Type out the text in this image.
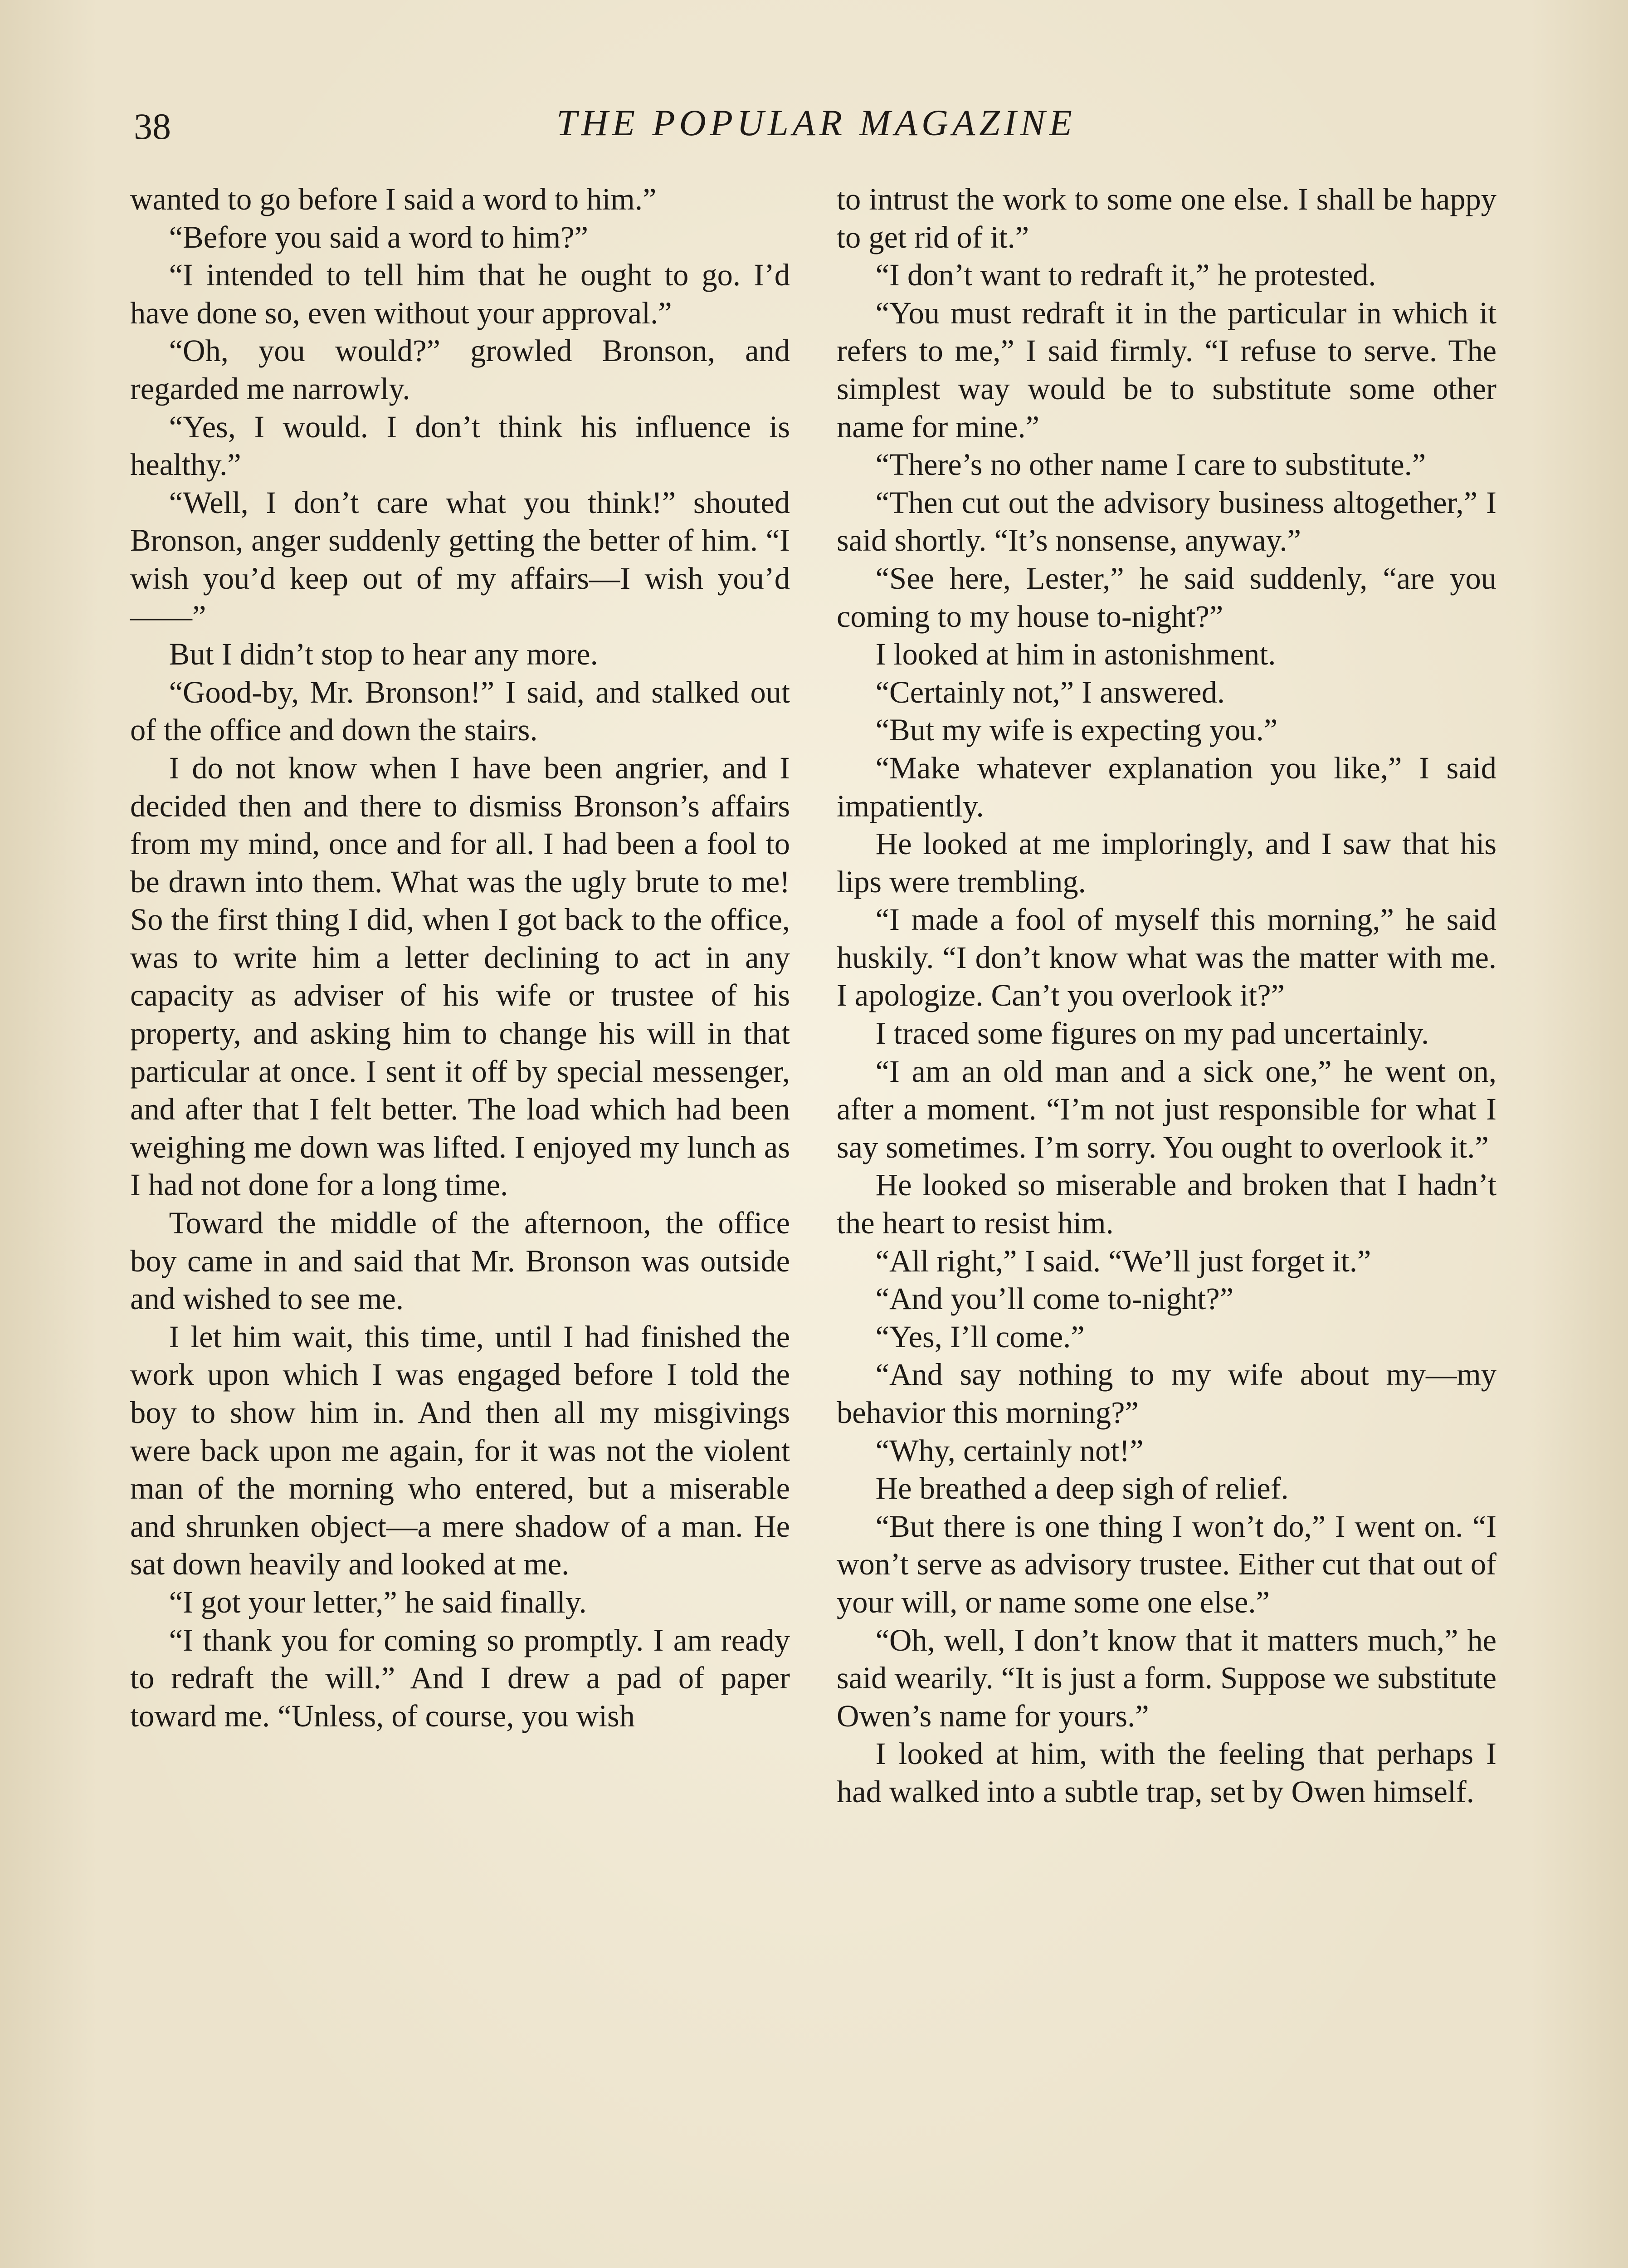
38	THE POPULAR MAGAZINE

wanted to go before I said a word to him.”

“Before you said a word to him?”

“I intended to tell him that he ought to go. I’d have done so, even without your approval.”

“Oh, you would?” growled Bronson, and regarded me narrowly.

“Yes, I would. I don’t think his influence is healthy.”

“Well, I don’t care what you think!” shouted Bronson, anger suddenly getting the better of him. “I wish you’d keep out of my affairs—I wish you’d——”

But I didn’t stop to hear any more.

“Good-by, Mr. Bronson!” I said, and stalked out of the office and down the stairs.

I do not know when I have been angrier, and I decided then and there to dismiss Bronson’s affairs from my mind, once and for all. I had been a fool to be drawn into them. What was the ugly brute to me! So the first thing I did, when I got back to the office, was to write him a letter declining to act in any capacity as adviser of his wife or trustee of his property, and asking him to change his will in that particular at once. I sent it off by special messenger, and after that I felt better. The load which had been weighing me down was lifted. I enjoyed my lunch as I had not done for a long time.

Toward the middle of the afternoon, the office boy came in and said that Mr. Bronson was outside and wished to see me.

I let him wait, this time, until I had finished the work upon which I was engaged before I told the boy to show him in. And then all my misgivings were back upon me again, for it was not the violent man of the morning who entered, but a miserable and shrunken object—a mere shadow of a man. He sat down heavily and looked at me.

“I got your letter,” he said finally.

“I thank you for coming so promptly. I am ready to redraft the will.” And I drew a pad of paper toward me. “Unless, of course, you wish

to intrust the work to some one else. I shall be happy to get rid of it.”

“I don’t want to redraft it,” he protested.

“You must redraft it in the particular in which it refers to me,” I said firmly. “I refuse to serve. The simplest way would be to substitute some other name for mine.”

“There’s no other name I care to substitute.”

“Then cut out the advisory business altogether,” I said shortly. “It’s nonsense, anyway.”

“See here, Lester,” he said suddenly, “are you coming to my house to-night?”

I looked at him in astonishment.

“Certainly not,” I answered.

“But my wife is expecting you.”

“Make whatever explanation you like,” I said impatiently.

He looked at me imploringly, and I saw that his lips were trembling.

“I made a fool of myself this morning,” he said huskily. “I don’t know what was the matter with me. I apologize. Can’t you overlook it?”

I traced some figures on my pad uncertainly.

“I am an old man and a sick one,” he went on, after a moment. “I’m not just responsible for what I say sometimes. I’m sorry. You ought to overlook it.”

He looked so miserable and broken that I hadn’t the heart to resist him.

“All right,” I said. “We’ll just forget it.”

“And you’ll come to-night?”

“Yes, I’ll come.”

“And say nothing to my wife about my—my behavior this morning?”

“Why, certainly not!”

He breathed a deep sigh of relief.

“But there is one thing I won’t do,” I went on. “I won’t serve as advisory trustee. Either cut that out of your will, or name some one else.”

“Oh, well, I don’t know that it matters much,” he said wearily. “It is just a form. Suppose we substitute Owen’s name for yours.”

I looked at him, with the feeling that perhaps I had walked into a subtle trap, set by Owen himself.
